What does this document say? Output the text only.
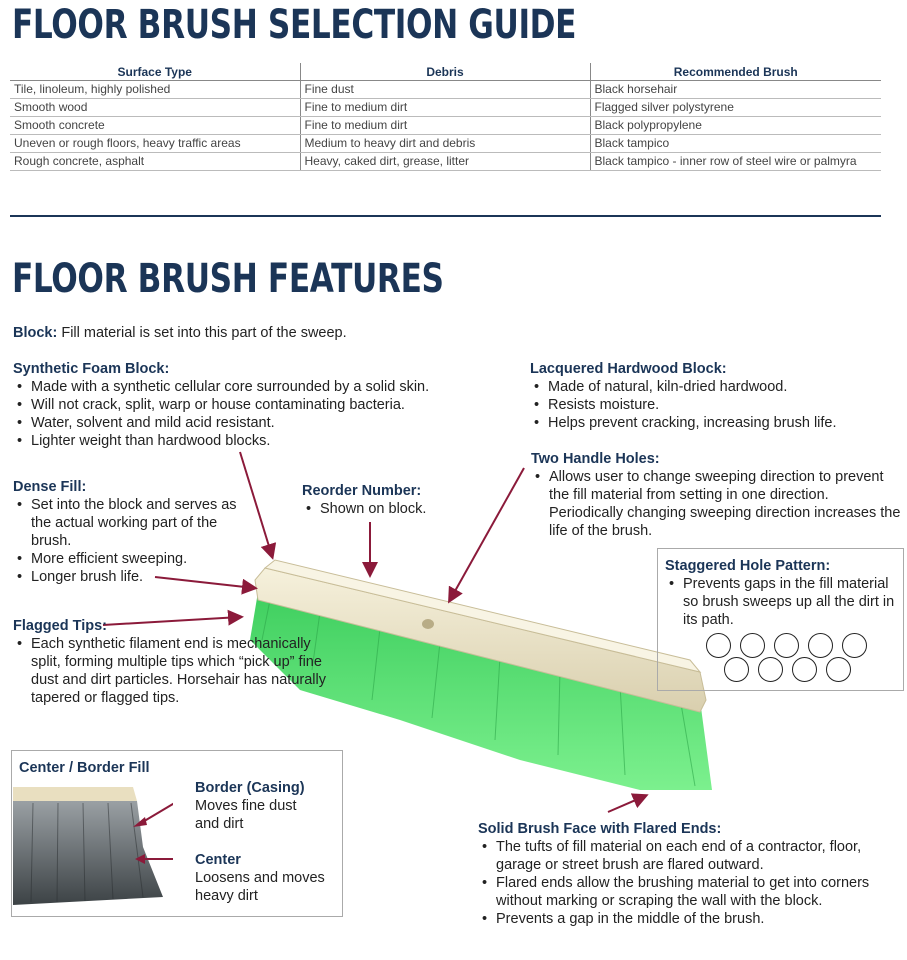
FLOOR BRUSH SELECTION GUIDE
Surface Type	Debris	Recommended Brush
Tile, linoleum, highly polished	Fine dust	Black horsehair
Smooth wood	Fine to medium dirt	Flagged silver polystyrene
Smooth concrete	Fine to medium dirt	Black polypropylene
Uneven or rough floors, heavy traffic areas	Medium to heavy dirt and debris	Black tampico
Rough concrete, asphalt	Heavy, caked dirt, grease, litter	Black tampico - inner row of steel wire or palmyra
FLOOR BRUSH FEATURES
Block: Fill material is set into this part of the sweep.
Synthetic Foam Block:
• Made with a synthetic cellular core surrounded by a solid skin.
• Will not crack, split, warp or house contaminating bacteria.
• Water, solvent and mild acid resistant.
• Lighter weight than hardwood blocks.
Lacquered Hardwood Block:
• Made of natural, kiln-dried hardwood.
• Resists moisture.
• Helps prevent cracking, increasing brush life.
Dense Fill:
• Set into the block and serves as the actual working part of the brush.
• More efficient sweeping.
• Longer brush life.
Reorder Number:
• Shown on block.
Two Handle Holes:
• Allows user to change sweeping direction to prevent the fill material from setting in one direction. Periodically changing sweeping direction increases the life of the brush.
Staggered Hole Pattern:
• Prevents gaps in the fill material so brush sweeps up all the dirt in its path.
Flagged Tips:
• Each synthetic filament end is mechanically split, forming multiple tips which “pick up” fine dust and dirt particles. Horsehair has naturally tapered or flagged tips.
Center / Border Fill
Border (Casing)
Moves fine dust
and dirt
Center
Loosens and moves
heavy dirt
Solid Brush Face with Flared Ends:
• The tufts of fill material on each end of a contractor, floor, garage or street brush are flared outward.
• Flared ends allow the brushing material to get into corners without marking or scraping the wall with the block.
• Prevents a gap in the middle of the brush.
